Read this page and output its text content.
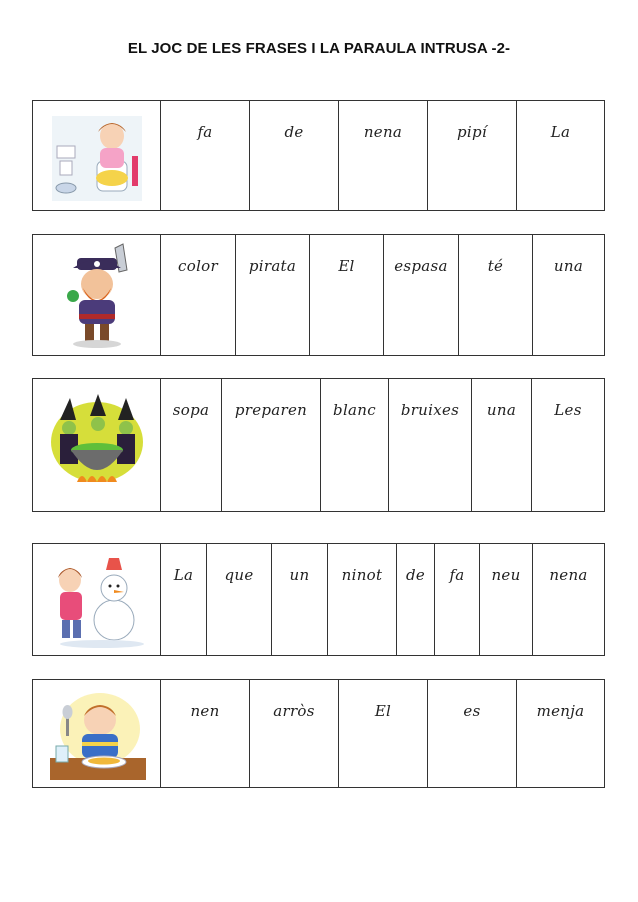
EL JOC DE LES FRASES I LA PARAULA INTRUSA -2-
fa	de	nena	pipí	La
color	pirata	El	espasa	té	una
sopa	preparen	blanc	bruixes	una	Les
La	que	un	ninot	de	fa	neu	nena
nen	arròs	El	es	menja
